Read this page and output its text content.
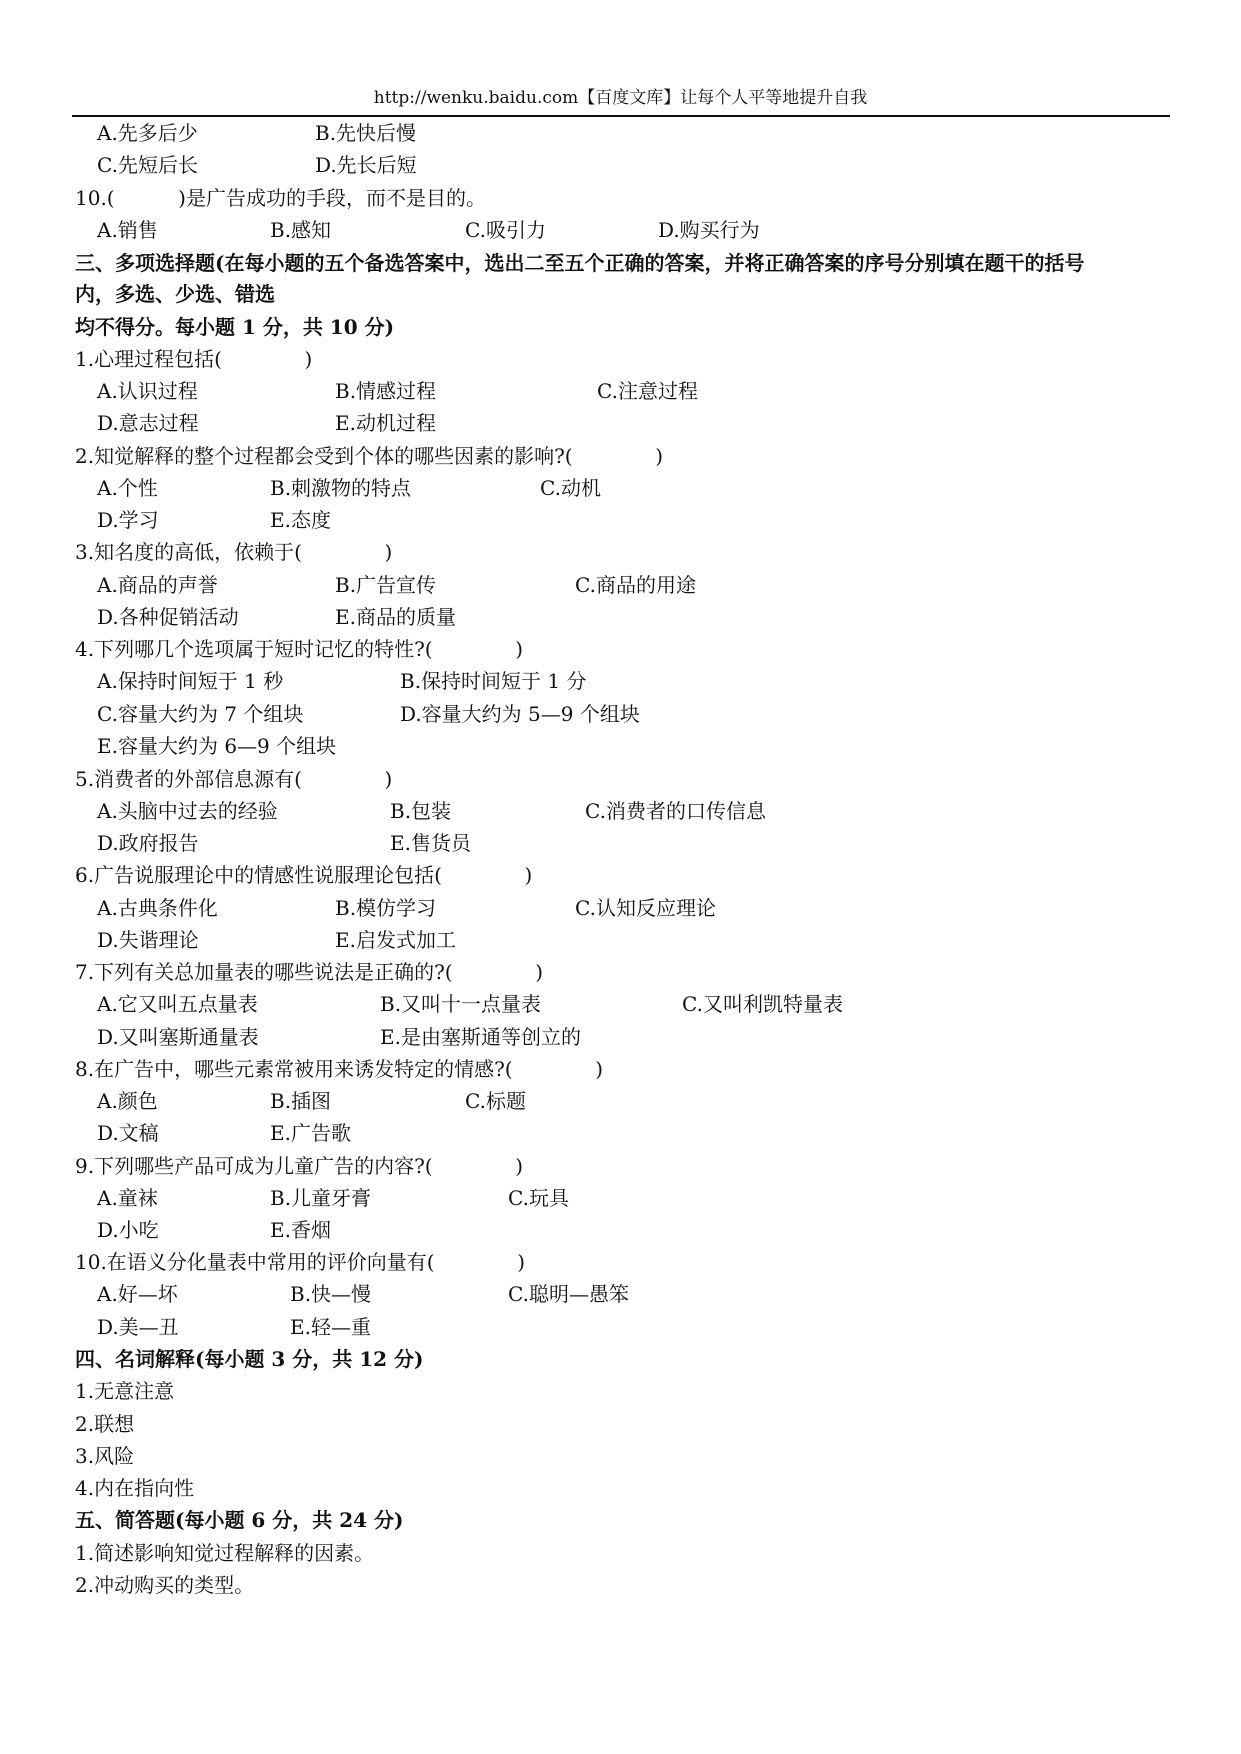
http://wenku.baidu.com【百度文库】让每个人平等地提升自我
A.先多后少	B.先快后慢
C.先短后长	D.先长后短
10.(          )是广告成功的手段，而不是目的。
A.销售	B.感知	C.吸引力	D.购买行为
三、多项选择题(在每小题的五个备选答案中，选出二至五个正确的答案，并将正确答案的序号分别填在题干的括号
内，多选、少选、错选
均不得分。每小题 1 分，共 10 分)
1.心理过程包括(             )
A.认识过程	B.情感过程	C.注意过程
D.意志过程	E.动机过程
2.知觉解释的整个过程都会受到个体的哪些因素的影响?(             )
A.个性	B.刺激物的特点	C.动机
D.学习	E.态度
3.知名度的高低，依赖于(             )
A.商品的声誉	B.广告宣传	C.商品的用途
D.各种促销活动	E.商品的质量
4.下列哪几个选项属于短时记忆的特性?(             )
A.保持时间短于 1 秒	B.保持时间短于 1 分
C.容量大约为 7 个组块	D.容量大约为 5—9 个组块
E.容量大约为 6—9 个组块
5.消费者的外部信息源有(             )
A.头脑中过去的经验	B.包装	C.消费者的口传信息
D.政府报告	E.售货员
6.广告说服理论中的情感性说服理论包括(             )
A.古典条件化	B.模仿学习	C.认知反应理论
D.失谐理论	E.启发式加工
7.下列有关总加量表的哪些说法是正确的?(             )
A.它又叫五点量表	B.又叫十一点量表	C.又叫利凯特量表
D.又叫塞斯通量表	E.是由塞斯通等创立的
8.在广告中，哪些元素常被用来诱发特定的情感?(             )
A.颜色	B.插图	C.标题
D.文稿	E.广告歌
9.下列哪些产品可成为儿童广告的内容?(             )
A.童袜	B.儿童牙膏	C.玩具
D.小吃	E.香烟
10.在语义分化量表中常用的评价向量有(             )
A.好—坏	B.快—慢	C.聪明—愚笨
D.美—丑	E.轻—重
四、名词解释(每小题 3 分，共 12 分)
1.无意注意
2.联想
3.风险
4.内在指向性
五、简答题(每小题 6 分，共 24 分)
1.简述影响知觉过程解释的因素。
2.冲动购买的类型。
